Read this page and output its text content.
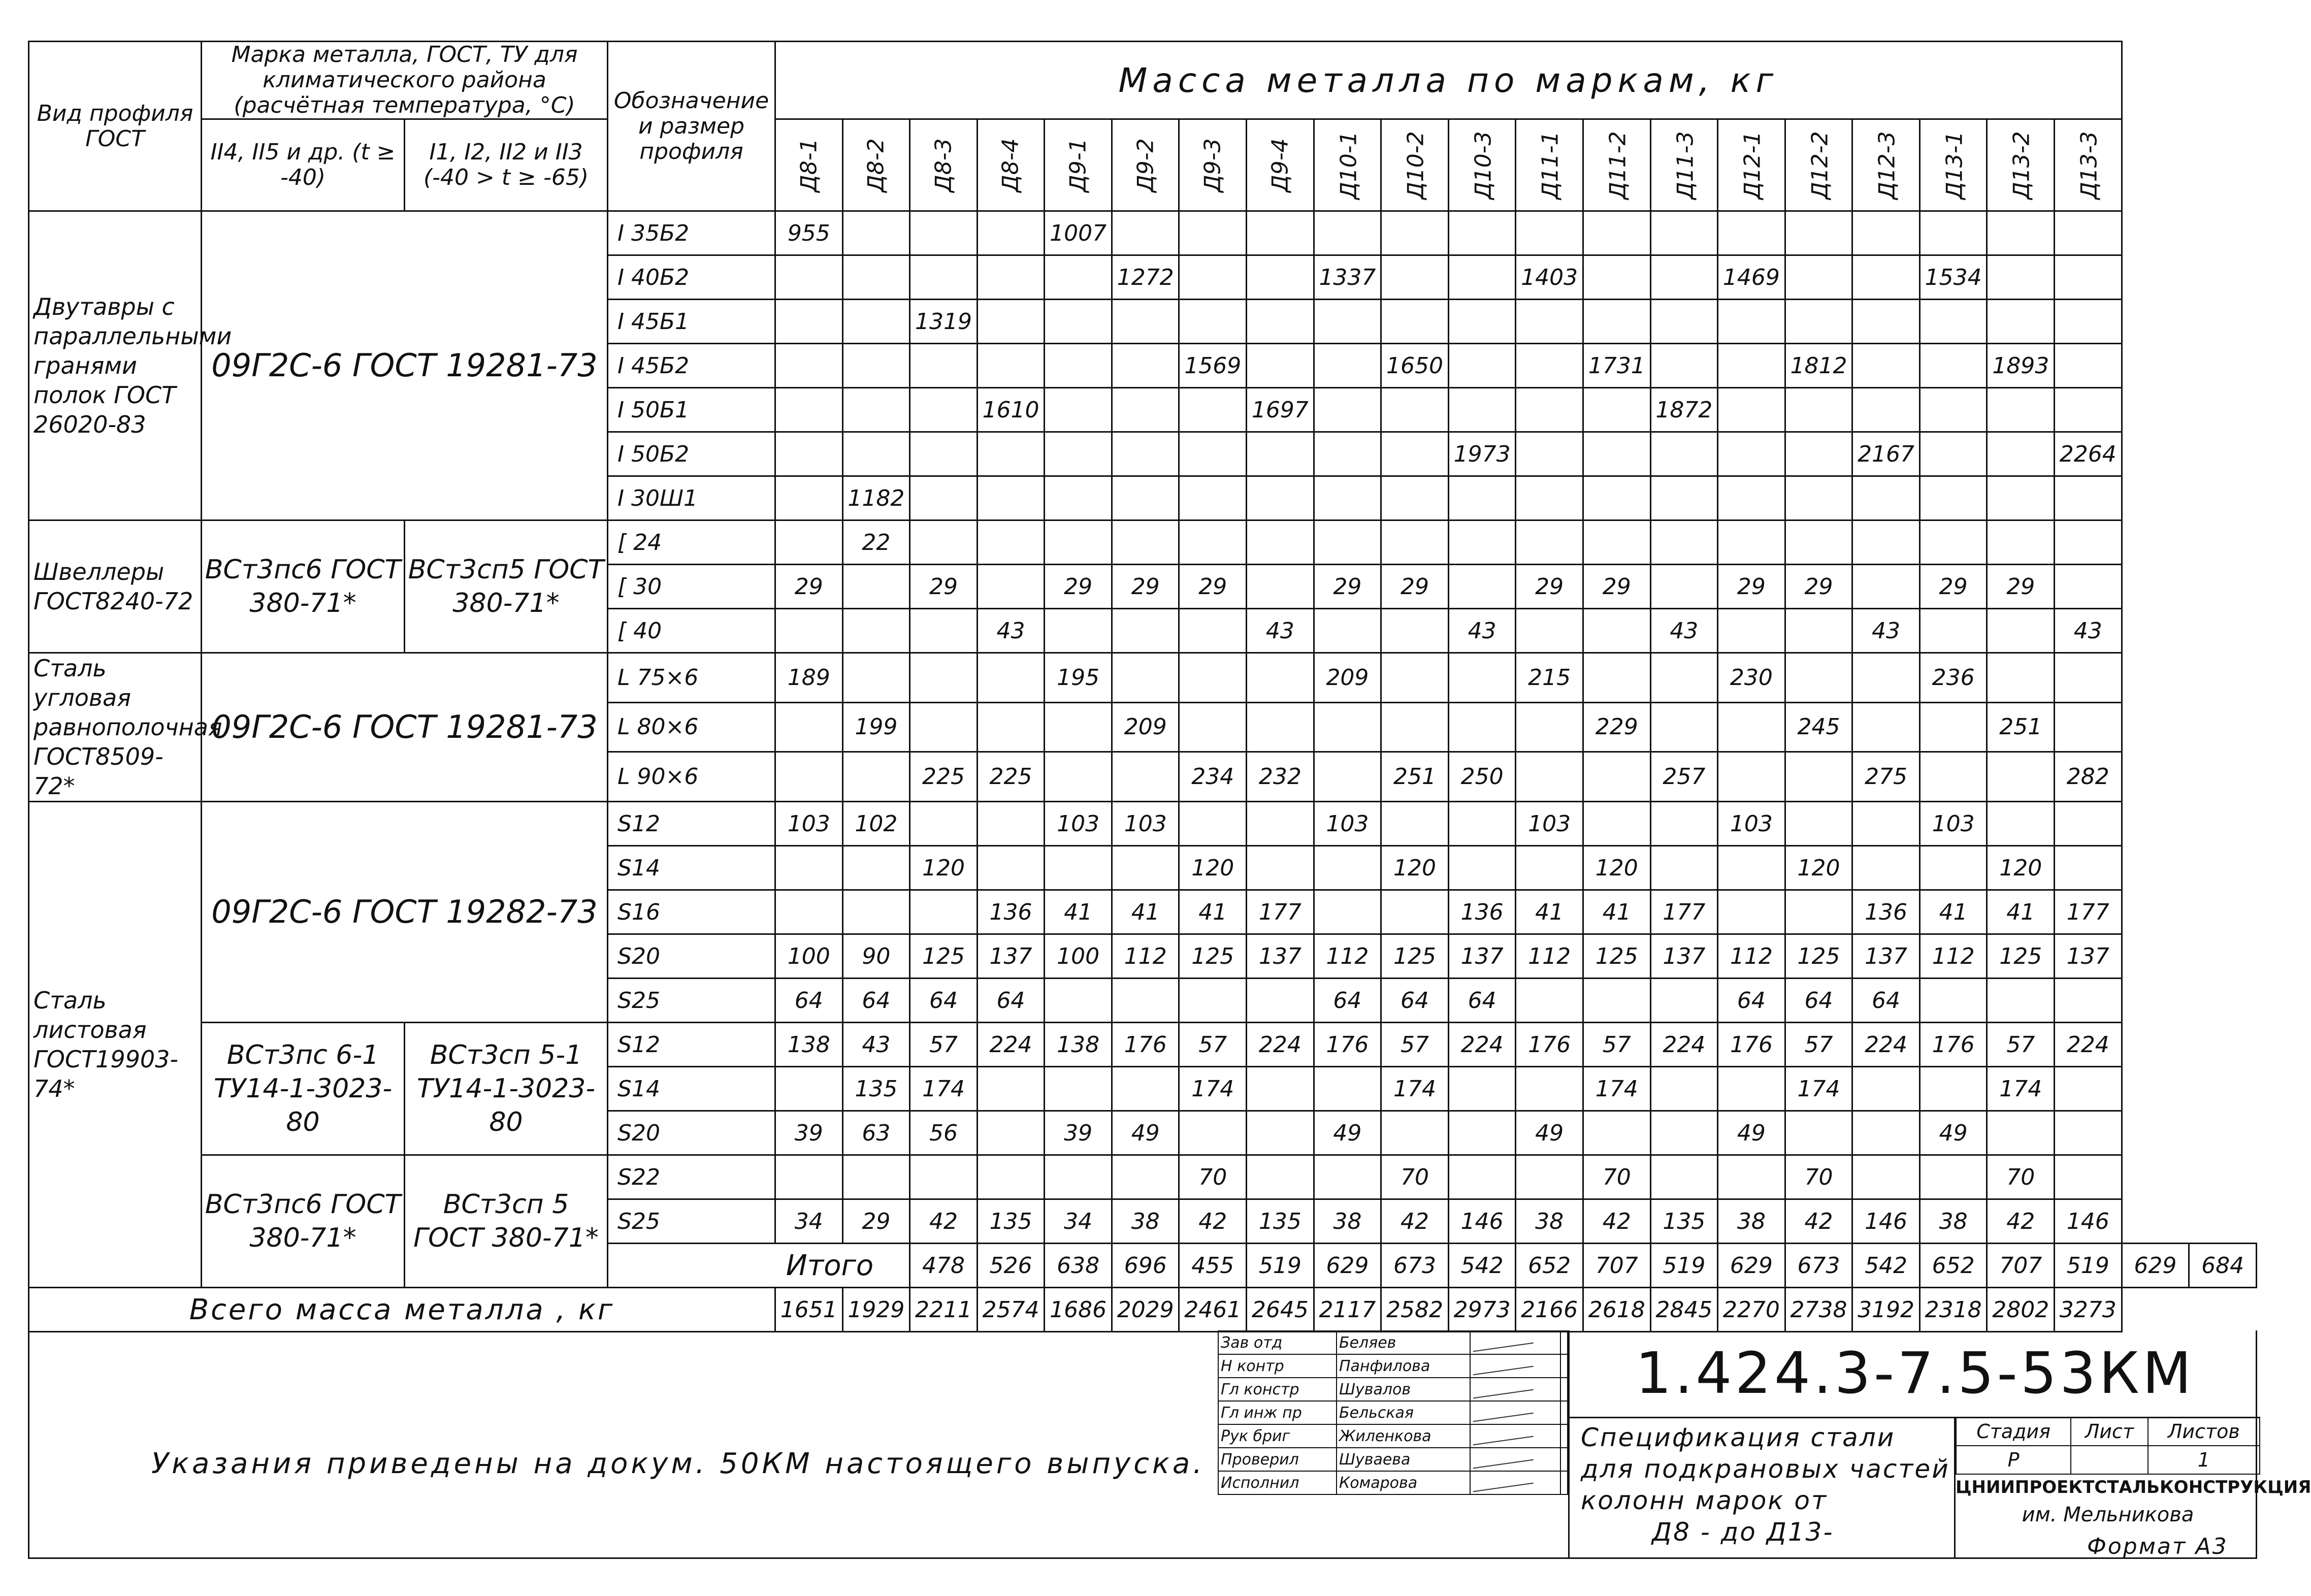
Вид профиля ГОСТ	Марка металла, ГОСТ, ТУ для климатического района (расчётная температура, °С)		Обозначение и размер профиля	Масса металла по маркам, кг																					
	II4, II5 и др. (t ≥ -40)	I1, I2, II2 и II3 (-40 > t ≥ -65)		Д8-1	Д8-2	Д8-3	Д8-4	Д9-1	Д9-2	Д9-3	Д9-4	Д10-1	Д10-2	Д10-3	Д11-1	Д11-2	Д11-3	Д12-1	Д12-2	Д12-3	Д13-1	Д13-2	Д13-3		
Двутавры с параллельными гранями полок ГОСТ 26020-83	09Г2С-6 ГОСТ 19281-73		I 35Б2	955				1007																	
			I 40Б2						1272			1337			1403			1469			1534				
			I 45Б1			1319																			
			I 45Б2							1569			1650			1731			1812			1893			
			I 50Б1				1610				1697						1872								
			I 50Б2											1973						2167			2264		
			I 30Ш1		1182																				
Швеллеры ГОСТ8240-72	ВСт3пс6 ГОСТ 380-71*	ВСт3сп5 ГОСТ 380-71*	[ 24		22																				
			[ 30	29		29		29	29	29		29	29		29	29		29	29		29	29			
			[ 40				43				43			43			43			43			43		
Сталь угловая равнополочная ГОСТ8509-72*	09Г2С-6 ГОСТ 19281-73		L 75×6	189				195				209			215			230			236				
			L 80×6		199				209							229			245			251			
			L 90×6			225	225			234	232		251	250			257			275			282		
Сталь листовая ГОСТ19903-74*	09Г2С-6 ГОСТ 19282-73		S12	103	102			103	103			103			103			103			103				
			S14			120				120			120			120			120			120			
			S16				136	41	41	41	177			136	41	41	177			136	41	41	177		
			S20	100	90	125	137	100	112	125	137	112	125	137	112	125	137	112	125	137	112	125	137		
			S25	64	64	64	64					64	64	64				64	64	64					
	ВСт3пс 6-1 ТУ14-1-3023-80	ВСт3сп 5-1 ТУ14-1-3023-80	S12	138	43	57	224	138	176	57	224	176	57	224	176	57	224	176	57	224	176	57	224		
			S14		135	174				174			174			174			174			174			
			S20	39	63	56		39	49			49			49			49			49				
	ВСт3пс6 ГОСТ 380-71*	ВСт3сп 5 ГОСТ 380-71*	S22							70			70			70			70			70			
			S25	34	29	42	135	34	38	42	135	38	42	146	38	42	135	38	42	146	38	42	146		
			Итого			478	526	638	696	455	519	629	673	542	652	707	519	629	673	542	652	707	519	629	684
Всего масса металла , кг				1651	1929	2211	2574	1686	2029	2461	2645	2117	2582	2973	2166	2618	2845	2270	2738	3192	2318	2802	3273		
Указания приведены на докум. 50КМ настоящего выпуска.
Зав отд	Беляев		
Н контр	Панфилова		
Гл констр	Шувалов		
Гл инж пр	Бельская		
Рук бриг	Жиленкова		
Проверил	Шуваева		
Исполнил	Комарова		
1.424.3-7.5-53КМ
Спецификация стали
для подкрановых частей
колонн марок от
Д8 - до Д13-
Стадия	Лист	Листов
Р		1
ЦНИИПРОЕКТСТАЛЬКОНСТРУКЦИЯ
им. Мельникова
Формат А3
